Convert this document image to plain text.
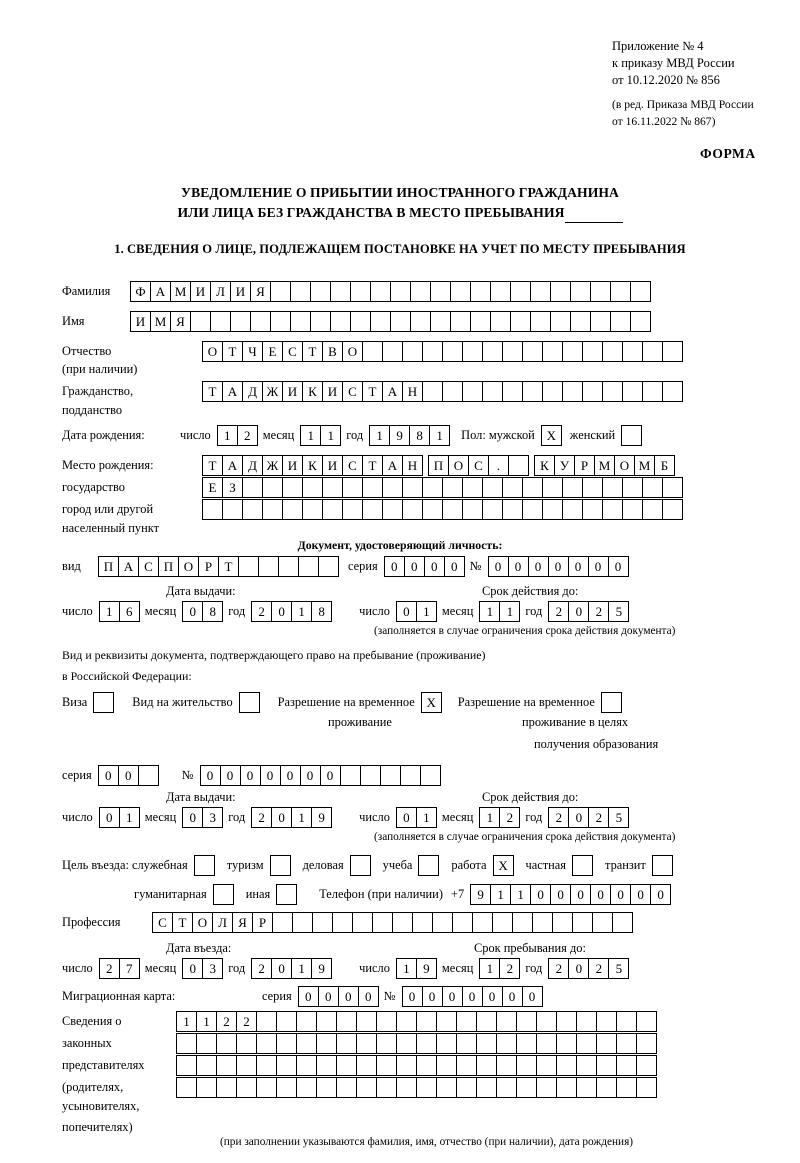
Приложение № 4
к приказу МВД России
от 10.12.2020 № 856
(в ред. Приказа МВД России
от 16.11.2022 № 867)
ФОРМА
УВЕДОМЛЕНИЕ О ПРИБЫТИИ ИНОСТРАННОГО ГРАЖДАНИНА
ИЛИ ЛИЦА БЕЗ ГРАЖДАНСТВА В МЕСТО ПРЕБЫВАНИЯ
1. СВЕДЕНИЯ О ЛИЦЕ, ПОДЛЕЖАЩЕМ ПОСТАНОВКЕ НА УЧЕТ ПО МЕСТУ ПРЕБЫВАНИЯ
Фамилия	Ф А М И Л И Я
Имя	И М Я
Отчество	О Т Ч Е С Т В О
(при наличии)
Гражданство,	Т А Д Ж И К И С Т А Н
подданство
Дата рождения:	число	1	2 месяц	1	1 год	1	9	8	1	Пол: мужской Х	женский
Место рождения:	Т А Д Ж И К И С Т А Н	П О С	.	К У Р М О М Б
государство	Е З
город или другой
населенный пункт
Документ, удостоверяющий личность:
вид	П А С П О Р Т	серия	0	0	0	0 №	0	0	0	0	0	0	0
Дата выдачи:	Срок действия до:
число	1	6 месяц	0	8 год	2	0	1	8	число	0	1 месяц	1	1 год	2	0	2	5
(заполняется в случае ограничения срока действия документа)
Вид и реквизиты документа, подтверждающего право на пребывание (проживание)
в Российской Федерации:
Виза	Вид на жительство	Разрешение на временное Х	Разрешение на временное
проживание	проживание в целях
получения образования
серия	0	0	№	0	0	0	0	0	0	0
Дата выдачи:	Срок действия до:
число	0	1 месяц	0	3 год	2	0	1	9	число	0	1 месяц	1	2 год	2	0	2	5
(заполняется в случае ограничения срока действия документа)
Цель въезда: служебная	туризм	деловая	учеба	работа Х	частная	транзит
гуманитарная	иная	Телефон (при наличии) +7	9	1	1	0	0	0	0	0	0	0
Профессия	С Т О Л Я Р
Дата въезда:	Срок пребывания до:
число	2	7 месяц	0	3 год	2	0	1	9	число	1	9 месяц	1	2 год	2	0	2	5
Миграционная карта:	серия	0	0	0	0 №	0	0	0	0	0	0	0
Сведения о	1	1	2	2
законных
представителях
(родителях,
усыновителях,
попечителях)
(при заполнении указываются фамилия, имя, отчество (при наличии), дата рождения)
